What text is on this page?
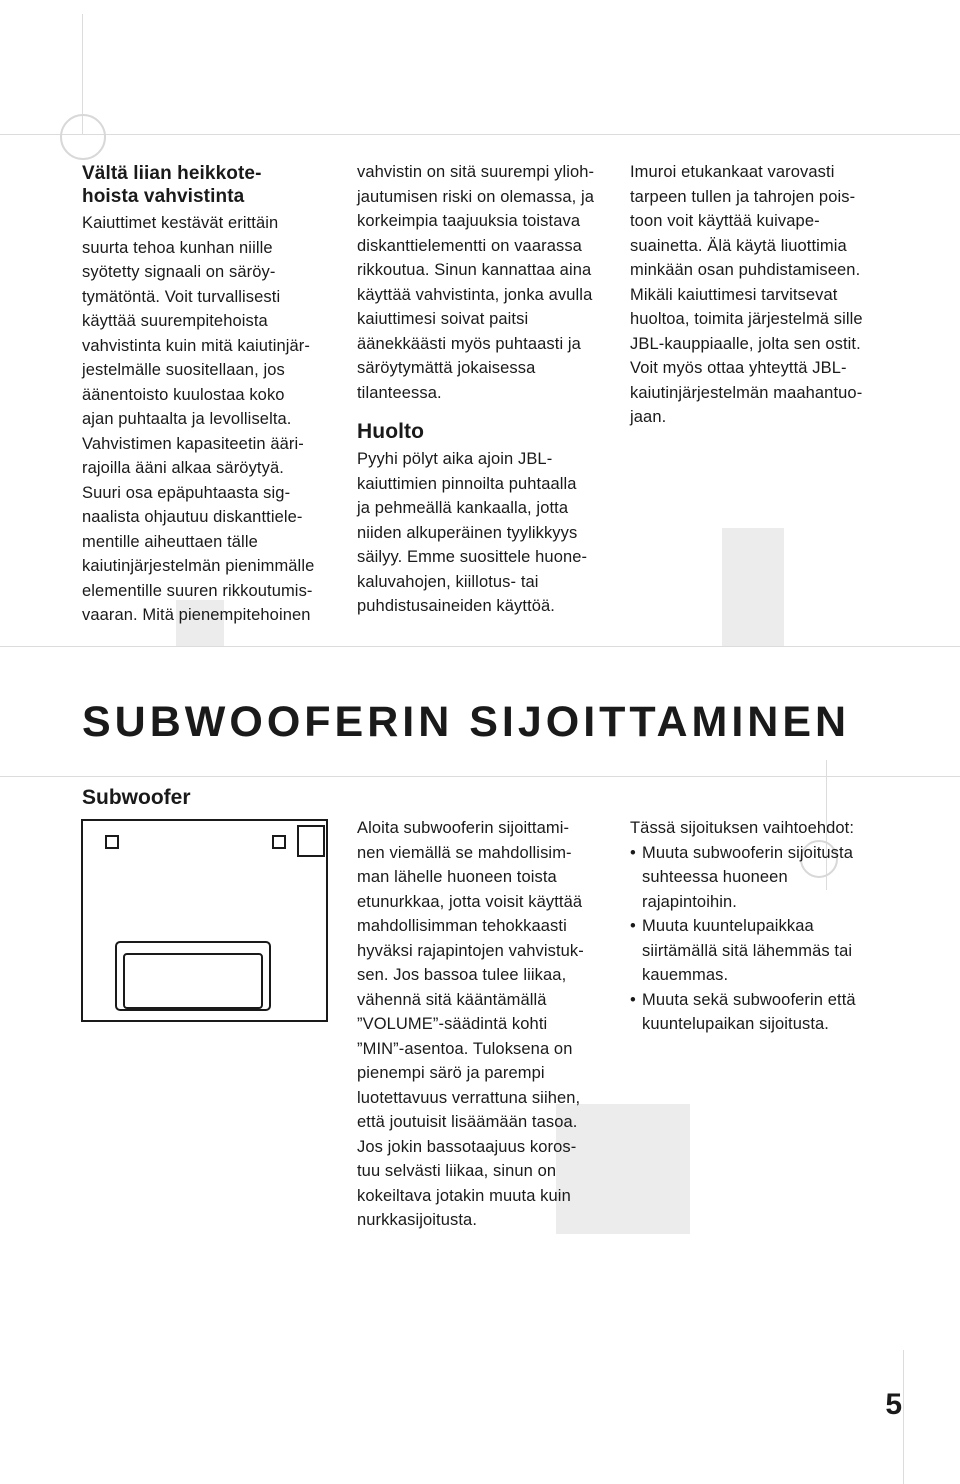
Vältä liian heikkote-
hoista vahvistinta
Kaiuttimet kestävät erittäin
suurta tehoa kunhan niille
syötetty signaali on säröy-
tymätöntä. Voit turvallisesti
käyttää suurempitehoista
vahvistinta kuin mitä kaiutinjär-
jestelmälle suositellaan, jos
äänentoisto kuulostaa koko
ajan puhtaalta ja levolliselta.
Vahvistimen kapasiteetin ääri-
rajoilla ääni alkaa säröytyä.
Suuri osa epäpuhtaasta sig-
naalista ohjautuu diskanttiele-
mentille aiheuttaen tälle
kaiutinjärjestelmän pienimmälle
elementille suuren rikkoutumis-
vaaran. Mitä pienempitehoinen
vahvistin on sitä suurempi ylioh-
jautumisen riski on olemassa, ja
korkeimpia taajuuksia toistava
diskanttielementti on vaarassa
rikkoutua. Sinun kannattaa aina
käyttää vahvistinta, jonka avulla
kaiuttimesi soivat paitsi
äänekkäästi myös puhtaasti ja
säröytymättä jokaisessa
tilanteessa.
Huolto
Pyyhi pölyt aika ajoin JBL-
kaiuttimien pinnoilta puhtaalla
ja pehmeällä kankaalla, jotta
niiden alkuperäinen tyylikkyys
säilyy. Emme suosittele huone-
kaluvahojen, kiillotus- tai
puhdistusaineiden käyttöä.
Imuroi etukankaat varovasti
tarpeen tullen ja tahrojen pois-
toon voit käyttää kuivape-
suainetta. Älä käytä liuottimia
minkään osan puhdistamiseen.
Mikäli kaiuttimesi tarvitsevat
huoltoa, toimita järjestelmä sille
JBL-kauppiaalle, jolta sen ostit.
Voit myös ottaa yhteyttä JBL-
kaiutinjärjestelmän maahantuo-
jaan.
SUBWOOFERIN SIJOITTAMINEN
Subwoofer
Aloita subwooferin sijoittami-
nen viemällä se mahdollisim-
man lähelle huoneen toista
etunurkkaa, jotta voisit käyttää
mahdollisimman tehokkaasti
hyväksi rajapintojen vahvistuk-
sen. Jos bassoa tulee liikaa,
vähennä sitä kääntämällä
”VOLUME”-säädintä kohti
”MIN”-asentoa. Tuloksena on
pienempi särö ja parempi
luotettavuus verrattuna siihen,
että joutuisit lisäämään tasoa.
Jos jokin bassotaajuus koros-
tuu selvästi liikaa, sinun on
kokeiltava jotakin muuta kuin
nurkkasijoitusta.
Tässä sijoituksen vaihtoehdot:
• Muuta subwooferin sijoitusta
suhteessa huoneen
rajapintoihin.
• Muuta kuuntelupaikkaa
siirtämällä sitä lähemmäs tai
kauemmas.
• Muuta sekä subwooferin että
kuuntelupaikan sijoitusta.
5
